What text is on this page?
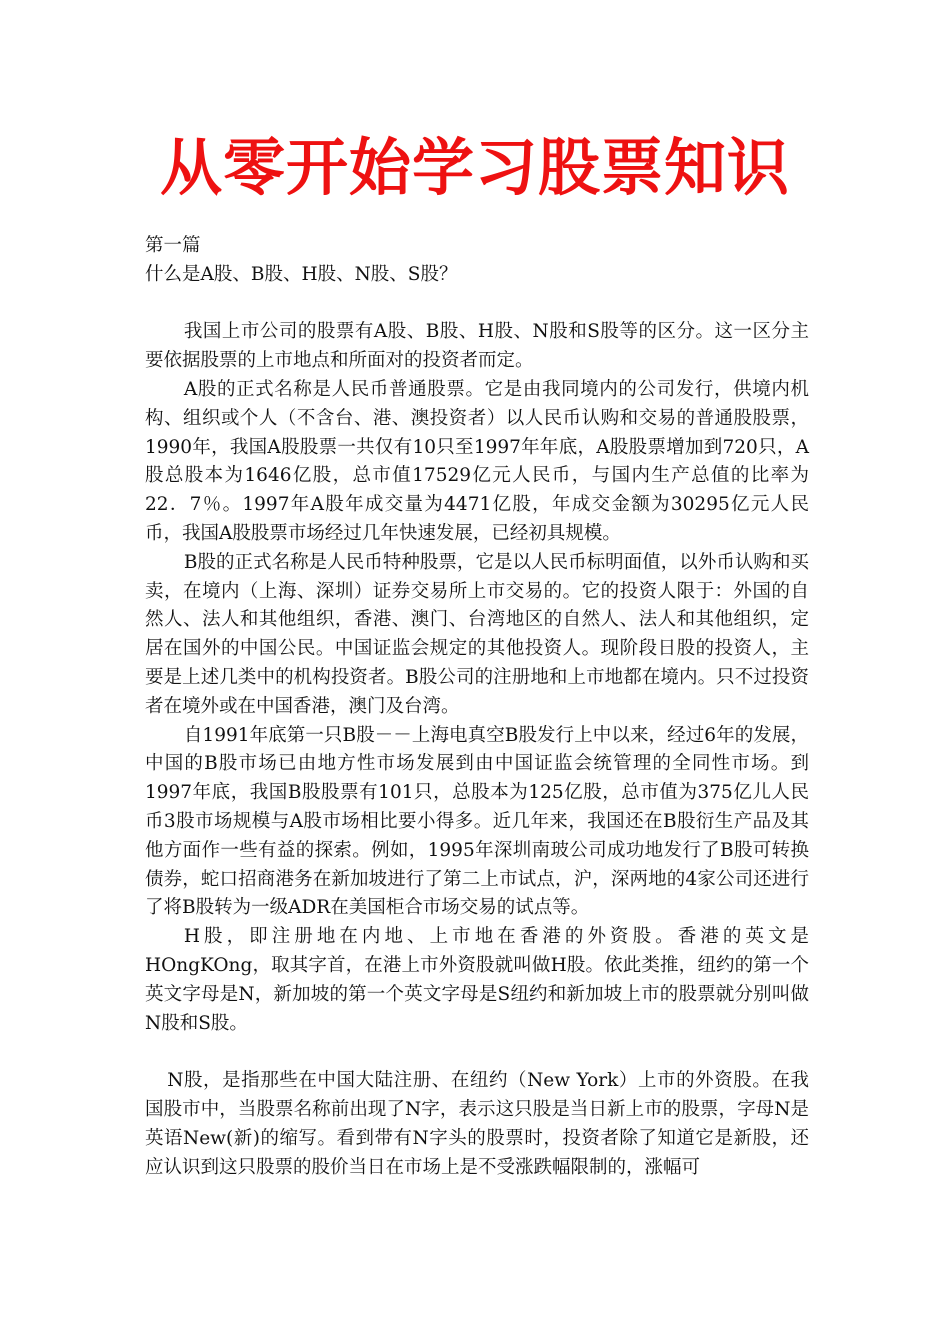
从零开始学习股票知识

第一篇

什么是A股、B股、H股、N股、S股？

我国上市公司的股票有A股、B股、H股、N股和S股等的区分。这一区分主要依据股票的上市地点和所面对的投资者而定。

A股的正式名称是人民币普通股票。它是由我同境内的公司发行，供境内机构、组织或个人（不含台、港、澳投资者）以人民币认购和交易的普通股股票，1990年，我国A股股票一共仅有10只至1997年年底，A股股票增加到720只，A股总股本为1646亿股，总市值17529亿元人民币，与国内生产总值的比率为22．7％。1997年A股年成交量为4471亿股，年成交金额为30295亿元人民币，我国A股股票市场经过几年快速发展，已经初具规模。

B股的正式名称是人民币特种股票，它是以人民币标明面值，以外币认购和买卖，在境内（上海、深圳）证券交易所上市交易的。它的投资人限于：外国的自然人、法人和其他组织，香港、澳门、台湾地区的自然人、法人和其他组织，定居在国外的中国公民。中国证监会规定的其他投资人。现阶段日股的投资人，主要是上述几类中的机构投资者。B股公司的注册地和上市地都在境内。只不过投资者在境外或在中国香港，澳门及台湾。

自1991年底第一只B股－－上海电真空B股发行上中以来，经过6年的发展，中国的B股市场已由地方性市场发展到由中国证监会统管理的全同性市场。到1997年底，我国B股股票有101只，总股本为125亿股，总市值为375亿儿人民币3股市场规模与A股市场相比要小得多。近几年来，我国还在B股衍生产品及其他方面作一些有益的探索。例如，1995年深圳南玻公司成功地发行了B股可转换债券，蛇口招商港务在新加坡进行了第二上市试点，沪，深两地的4家公司还进行了将B股转为一级ADR在美国柜合市场交易的试点等。

H股，即注册地在内地、上市地在香港的外资股。香港的英文是HOngKOng，取其字首，在港上市外资股就叫做H股。依此类推，纽约的第一个英文字母是N，新加坡的第一个英文字母是S纽约和新加坡上市的股票就分别叫做N股和S股。

N股，是指那些在中国大陆注册、在纽约（New York）上市的外资股。在我国股市中，当股票名称前出现了N字，表示这只股是当日新上市的股票，字母N是英语New(新)的缩写。看到带有N字头的股票时，投资者除了知道它是新股，还应认识到这只股票的股价当日在市场上是不受涨跌幅限制的，涨幅可
